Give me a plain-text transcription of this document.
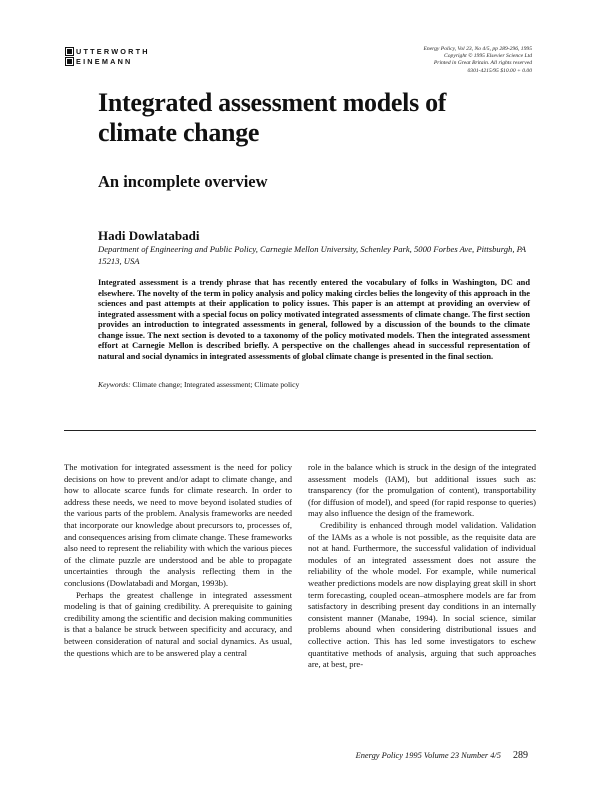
UTTERWORTH
EINEMANN
Energy Policy, Vol 23, No 4/5, pp 289-296, 1995
Copyright © 1995 Elsevier Science Ltd
Printed in Great Britain. All rights reserved
0301-4215/95 $10.00 + 0.00
Integrated assessment models of climate change
An incomplete overview

Hadi Dowlatabadi

Department of Engineering and Public Policy, Carnegie Mellon University, Schenley Park, 5000 Forbes Ave, Pittsburgh, PA 15213, USA
Integrated assessment is a trendy phrase that has recently entered the vocabulary of folks in Washington, DC and elsewhere. The novelty of the term in policy analysis and policy making circles belies the longevity of this approach in the sciences and past attempts at their application to policy issues. This paper is an attempt at providing an overview of integrated assessment with a special focus on policy motivated integrated assessments of climate change. The first section provides an introduction to integrated assessments in general, followed by a discussion of the bounds to the climate change issue. The next section is devoted to a taxonomy of the policy motivated models. Then the integrated assessment effort at Carnegie Mellon is described briefly. A perspective on the challenges ahead in successful representation of natural and social dynamics in integrated assessments of global climate change is presented in the final section.
Keywords: Climate change; Integrated assessment; Climate policy

The motivation for integrated assessment is the need for policy decisions on how to prevent and/or adapt to climate change, and how to allocate scarce funds for climate research. In order to address these needs, we need to move beyond isolated studies of the various parts of the problem. Analysis frameworks are needed that incorporate our knowledge about precursors to, processes of, and consequences arising from climate change. These frameworks also need to represent the reliability with which the various pieces of the climate puzzle are understood and be able to propagate uncertainties through the analysis reflecting them in the conclusions (Dowlatabadi and Morgan, 1993b).

Perhaps the greatest challenge in integrated assessment modeling is that of gaining credibility. A prerequisite to gaining credibility among the scientific and decision making communities is that a balance be struck between specificity and accuracy, and between consideration of natural and social dynamics. As usual, the questions which are to be answered play a central

role in the balance which is struck in the design of the integrated assessment models (IAM), but additional issues such as: transparency (for the promulgation of content), transportability (for diffusion of model), and speed (for rapid response to queries) may also influence the design of the framework.

Credibility is enhanced through model validation. Validation of the IAMs as a whole is not possible, as the requisite data are not at hand. Furthermore, the successful validation of individual modules of an integrated assessment does not assure the reliability of the whole model. For example, while numerical weather predictions models are now displaying great skill in short term forecasting, coupled ocean–atmosphere models are far from satisfactory in describing present day conditions in an internally consistent manner (Manabe, 1994). In social science, similar problems abound when considering distributional issues and collective action. This has led some investigators to eschew quantitative methods of analysis, arguing that such approaches are, at best, pre-

Energy Policy 1995 Volume 23 Number 4/5 289
